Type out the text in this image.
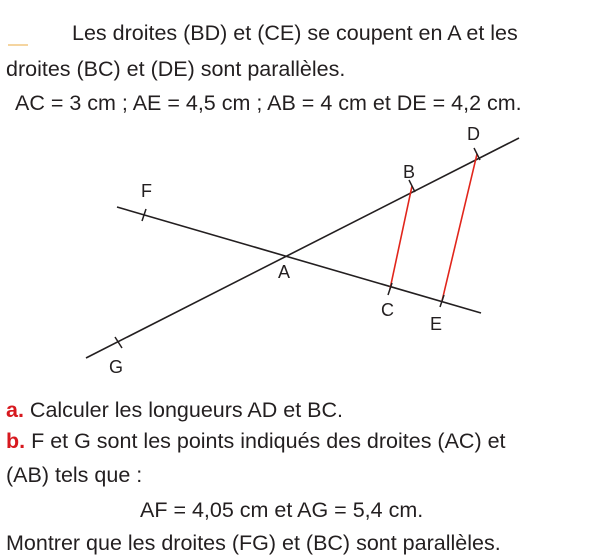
Les droites (BD) et (CE) se coupent en A et les
droites (BC) et (DE) sont parallèles.
AC = 3 cm ; AE = 4,5 cm ; AB = 4 cm et DE = 4,2 cm.
A
B
C
D
E
F
G
a. Calculer les longueurs AD et BC.
b. F et G sont les points indiqués des droites (AC) et
(AB) tels que :
AF = 4,05 cm et AG = 5,4 cm.
Montrer que les droites (FG) et (BC) sont parallèles.
